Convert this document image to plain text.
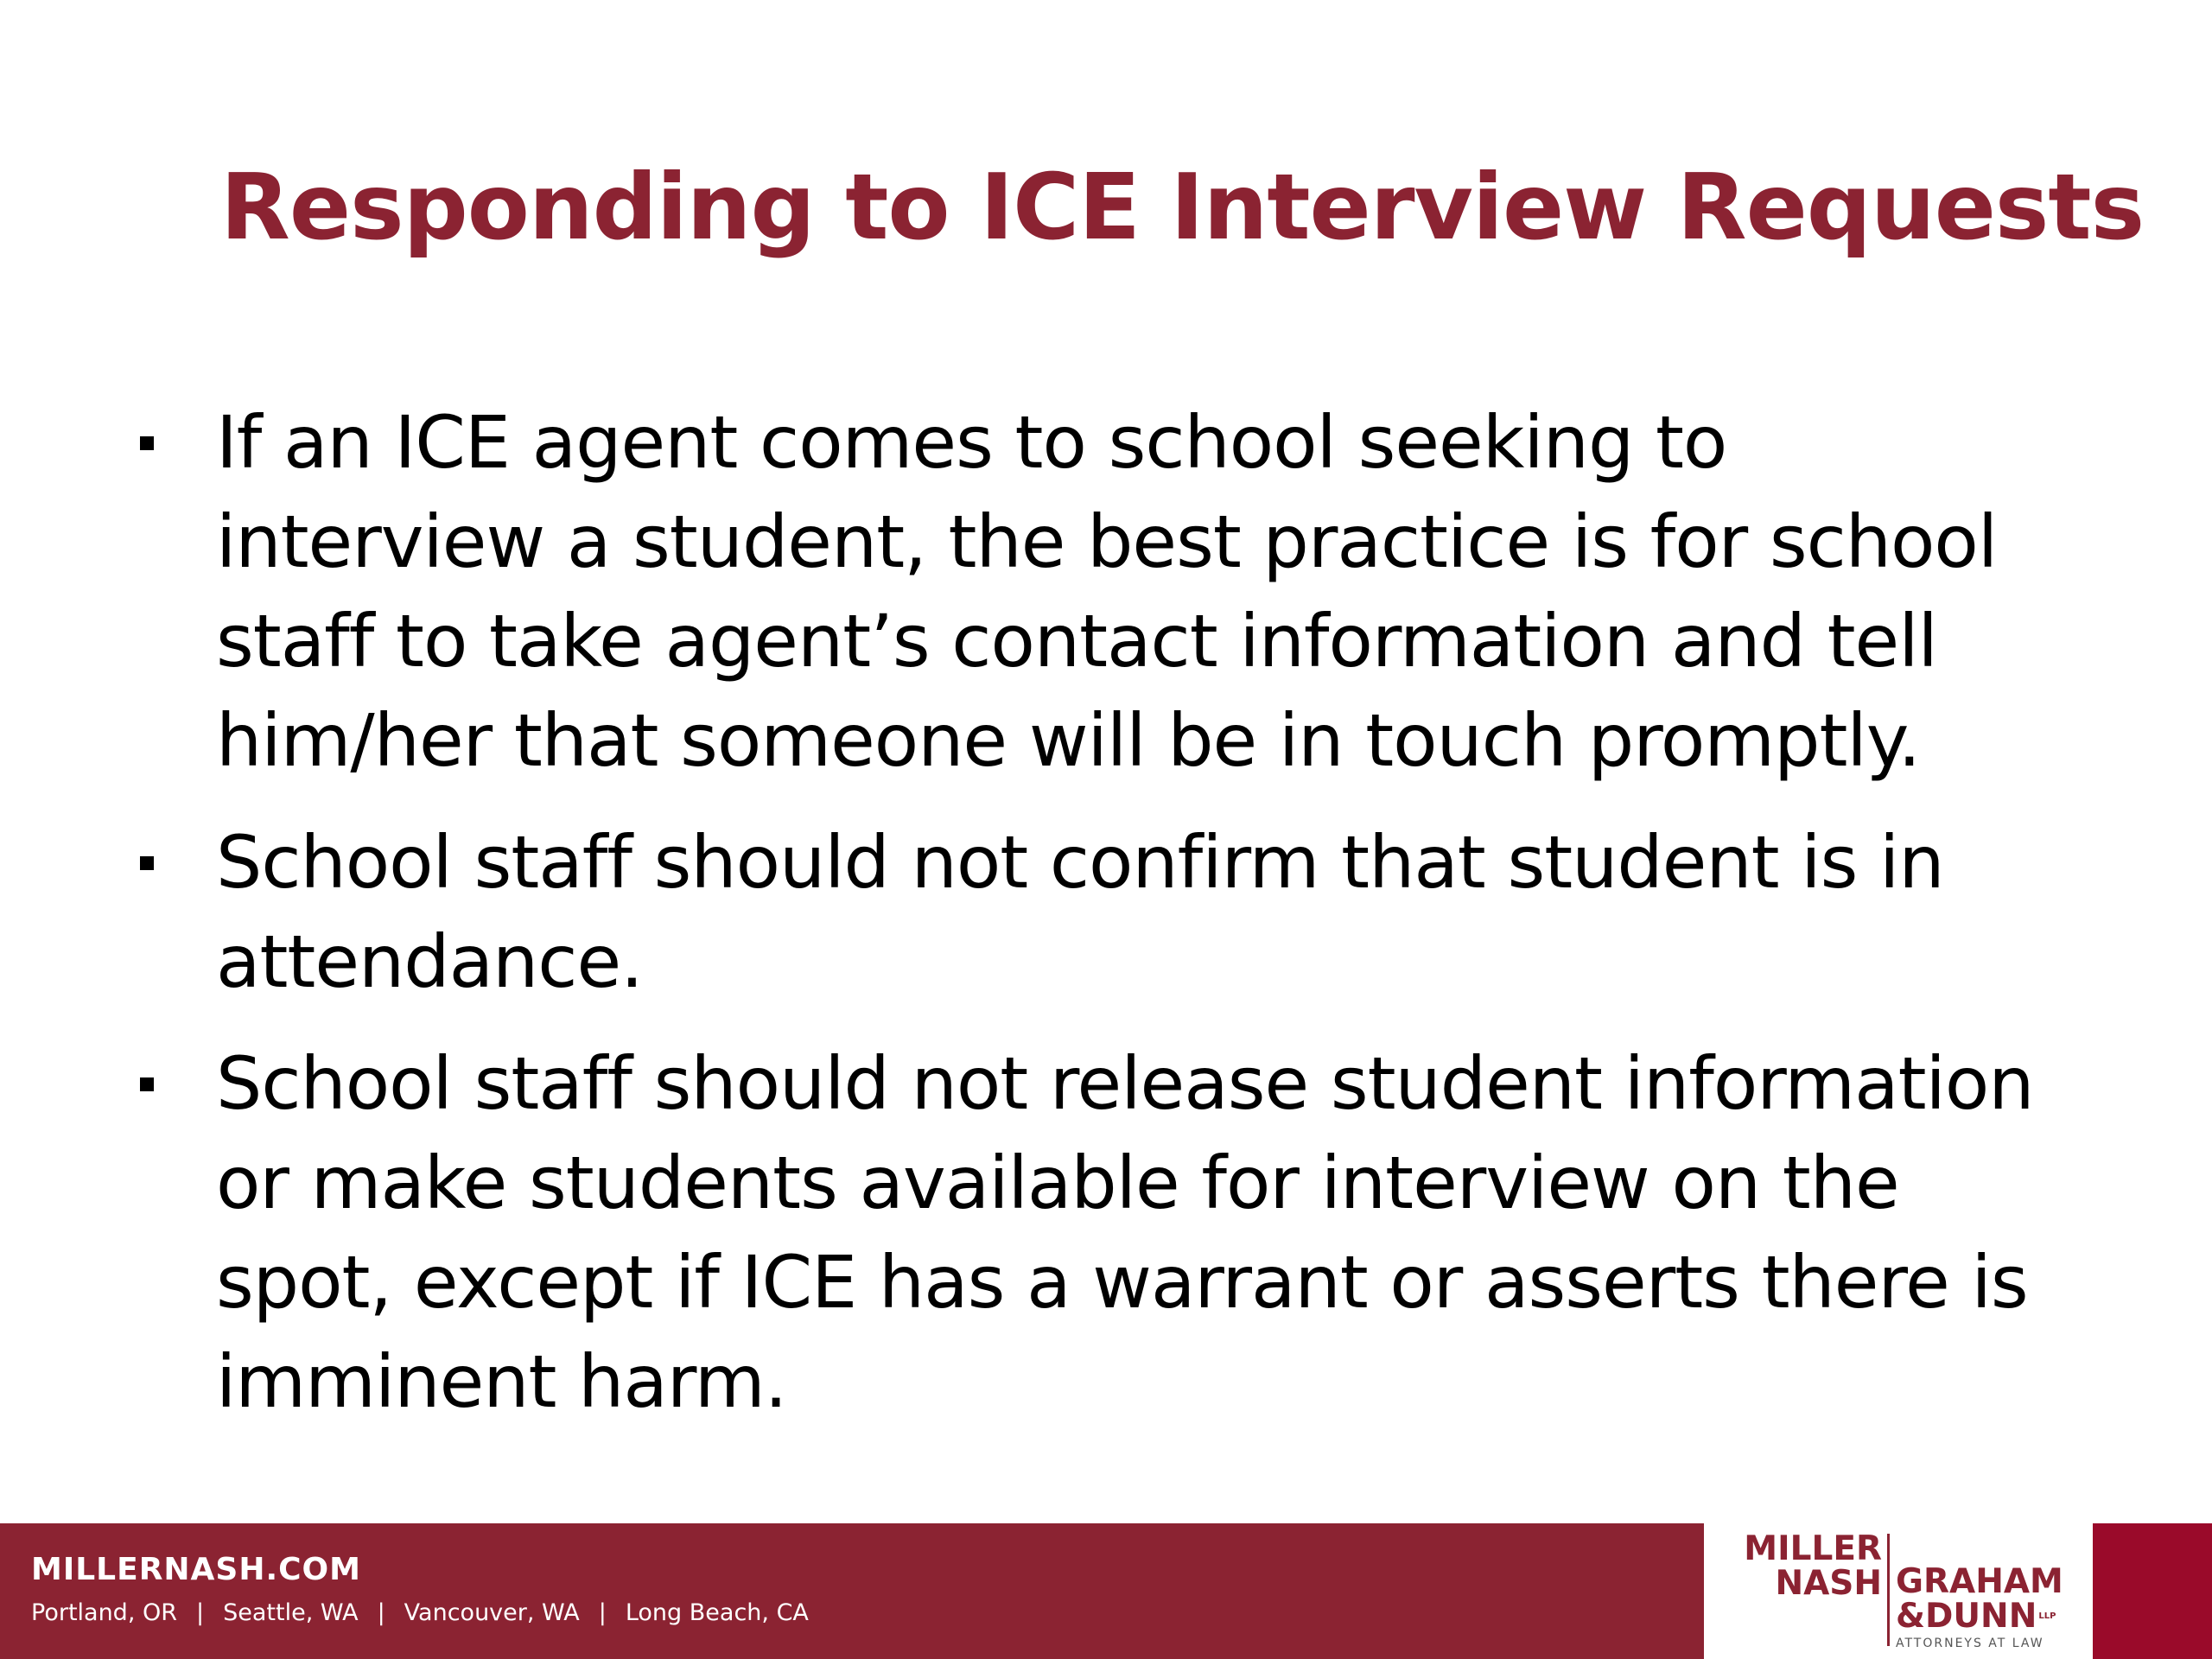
Responding to ICE Interview Requests
If an ICE agent comes to school seeking to interview a student, the best practice is for school staff to take agent’s contact information and tell him/her that someone will be in touch promptly.
School staff should not confirm that student is in attendance.
School staff should not release student information or make students available for interview on the spot, except if ICE has a warrant or asserts there is imminent harm.
MILLERNASH.COM
Portland, OR | Seattle, WA | Vancouver, WA | Long Beach, CA
MILLER
NASH GRAHAM
&DUNN $^{LLP}$
ATTORNEYS AT LAW
